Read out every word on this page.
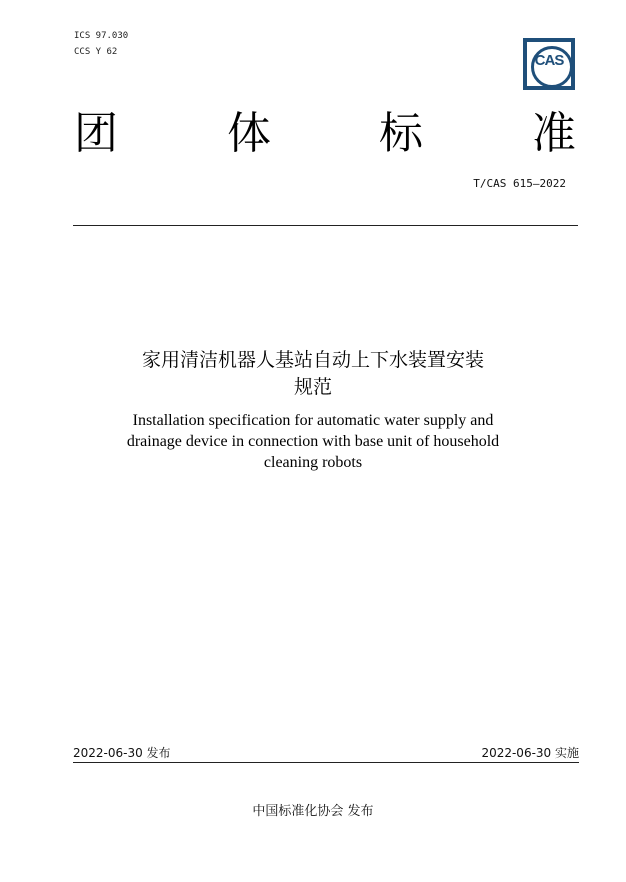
ICS 97.030
CCS Y 62	CAS
团 体 标 准
T/CAS 615—2022
家用清洁机器人基站自动上下水装置安装
规范
Installation specification for automatic water supply and
drainage device in connection with base unit of household
cleaning robots
2022-06-30 发布	2022-06-30 实施
中国标准化协会 发布
